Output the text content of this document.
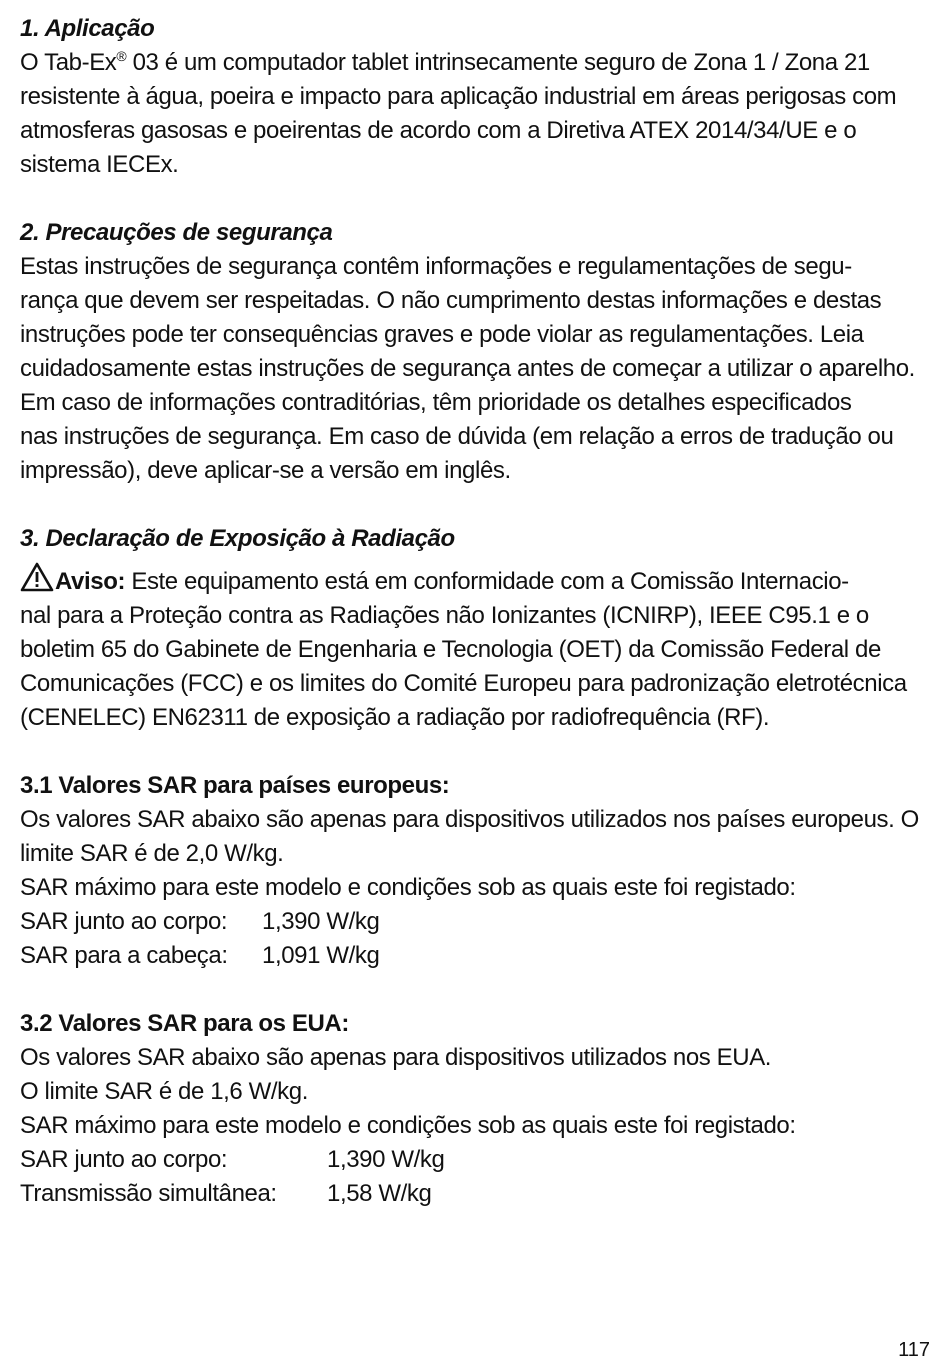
1. Aplicação
O Tab-Ex® 03 é um computador tablet intrinsecamente seguro de Zona 1 / Zona 21
resistente à água, poeira e impacto para aplicação industrial em áreas perigosas com
atmosferas gasosas e poeirentas de acordo com a Diretiva ATEX 2014/34/UE e o
sistema IECEx.
2. Precauções de segurança
Estas instruções de segurança contêm informações e regulamentações de segu-
rança que devem ser respeitadas. O não cumprimento destas informações e destas
instruções pode ter consequências graves e pode violar as regulamentações. Leia
cuidadosamente estas instruções de segurança antes de começar a utilizar o aparelho.
Em caso de informações contraditórias, têm prioridade os detalhes especificados
nas instruções de segurança. Em caso de dúvida (em relação a erros de tradução ou
impressão), deve aplicar-se a versão em inglês.
3. Declaração de Exposição à Radiação
Aviso: Este equipamento está em conformidade com a Comissão Internacio-
nal para a Proteção contra as Radiações não Ionizantes (ICNIRP), IEEE C95.1 e o
boletim 65 do Gabinete de Engenharia e Tecnologia (OET) da Comissão Federal de
Comunicações (FCC) e os limites do Comité Europeu para padronização eletrotécnica
(CENELEC) EN62311 de exposição a radiação por radiofrequência (RF).
3.1 Valores SAR para países europeus:
Os valores SAR abaixo são apenas para dispositivos utilizados nos países europeus. O
limite SAR é de 2,0 W/kg.
SAR máximo para este modelo e condições sob as quais este foi registado:
SAR junto ao corpo: 1,390 W/kg
SAR para a cabeça: 1,091 W/kg
3.2 Valores SAR para os EUA:
Os valores SAR abaixo são apenas para dispositivos utilizados nos EUA.
O limite SAR é de 1,6 W/kg.
SAR máximo para este modelo e condições sob as quais este foi registado:
SAR junto ao corpo:	1,390 W/kg
Transmissão simultânea: 1,58 W/kg
117
